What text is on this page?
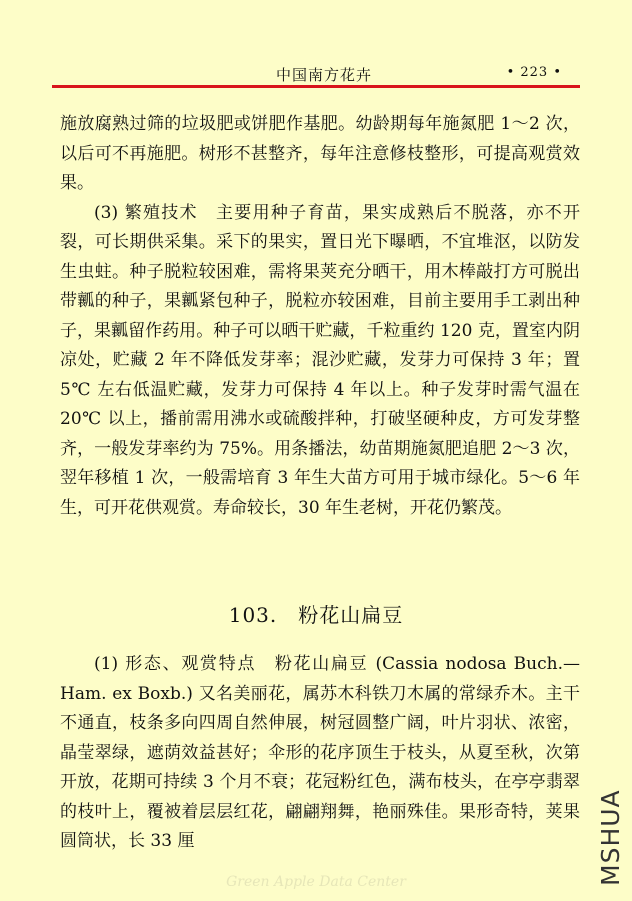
中国南方花卉	• 223 •

施放腐熟过筛的垃圾肥或饼肥作基肥。幼龄期每年施氮肥 1～2 次，以后可不再施肥。树形不甚整齐，每年注意修枝整形，可提高观赏效果。

(3) 繁殖技术　主要用种子育苗，果实成熟后不脱落，亦不开裂，可长期供采集。采下的果实，置日光下曝晒，不宜堆沤，以防发生虫蛀。种子脱粒较困难，需将果荚充分晒干，用木棒敲打方可脱出带瓤的种子，果瓤紧包种子，脱粒亦较困难，目前主要用手工剥出种子，果瓤留作药用。种子可以晒干贮藏，千粒重约 120 克，置室内阴凉处，贮藏 2 年不降低发芽率；混沙贮藏，发芽力可保持 3 年；置 5℃ 左右低温贮藏，发芽力可保持 4 年以上。种子发芽时需气温在 20℃ 以上，播前需用沸水或硫酸拌种，打破坚硬种皮，方可发芽整齐，一般发芽率约为 75%。用条播法，幼苗期施氮肥追肥 2～3 次，翌年移植 1 次，一般需培育 3 年生大苗方可用于城市绿化。5～6 年生，可开花供观赏。寿命较长，30 年生老树，开花仍繁茂。

103.　粉花山扁豆

(1) 形态、观赏特点　粉花山扁豆 (Cassia nodosa Buch.—Ham. ex Boxb.) 又名美丽花，属苏木科铁刀木属的常绿乔木。主干不通直，枝条多向四周自然伸展，树冠圆整广阔，叶片羽状、浓密，晶莹翠绿，遮荫效益甚好；伞形的花序顶生于枝头，从夏至秋，次第开放，花期可持续 3 个月不衰；花冠粉红色，满布枝头，在亭亭翡翠的枝叶上，覆被着层层红花，翩翩翔舞，艳丽殊佳。果形奇特，荚果圆筒状，长 33 厘	MSHUA
Green Apple Data Center
